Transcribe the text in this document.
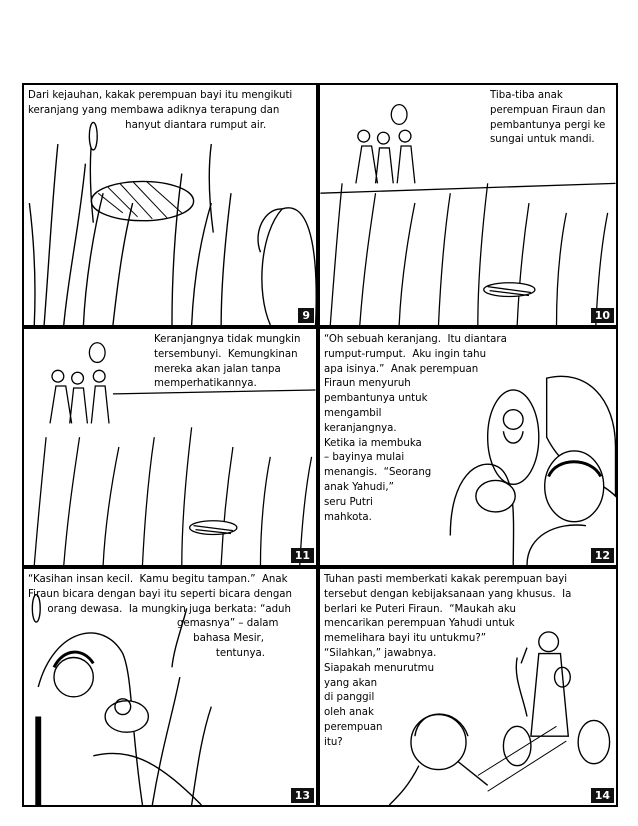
Dari kejauhan, kakak perempuan bayi itu mengikuti
keranjang yang membawa adiknya terapung dan
hanyut diantara rumput air.
9
Tiba-tiba anak
perempuan Firaun dan
pembantunya pergi ke
sungai untuk mandi.
10
Keranjangnya tidak mungkin
tersembunyi.  Kemungkinan
mereka akan jalan tanpa
memperhatikannya.
11
“Oh sebuah keranjang.  Itu diantara
rumput-rumput.  Aku ingin tahu
apa isinya.”  Anak perempuan
Firaun menyuruh
pembantunya untuk
mengambil
keranjangnya.
Ketika ia membuka
– bayinya mulai
menangis.  “Seorang
anak Yahudi,”
seru Putri
mahkota.
12
“Kasihan insan kecil.  Kamu begitu tampan.”  Anak
Firaun bicara dengan bayi itu seperti bicara dengan
orang dewasa.  Ia mungkin juga berkata: “aduh
gemasnya” – dalam
bahasa Mesir,
tentunya.
13
Tuhan pasti memberkati kakak perempuan bayi
tersebut dengan kebijaksanaan yang khusus.  Ia
berlari ke Puteri Firaun.  “Maukah aku
mencarikan perempuan Yahudi untuk
memelihara bayi itu untukmu?”
“Silahkan,” jawabnya.
Siapakah menurutmu
yang akan
di panggil
oleh anak
perempuan
itu?
14
